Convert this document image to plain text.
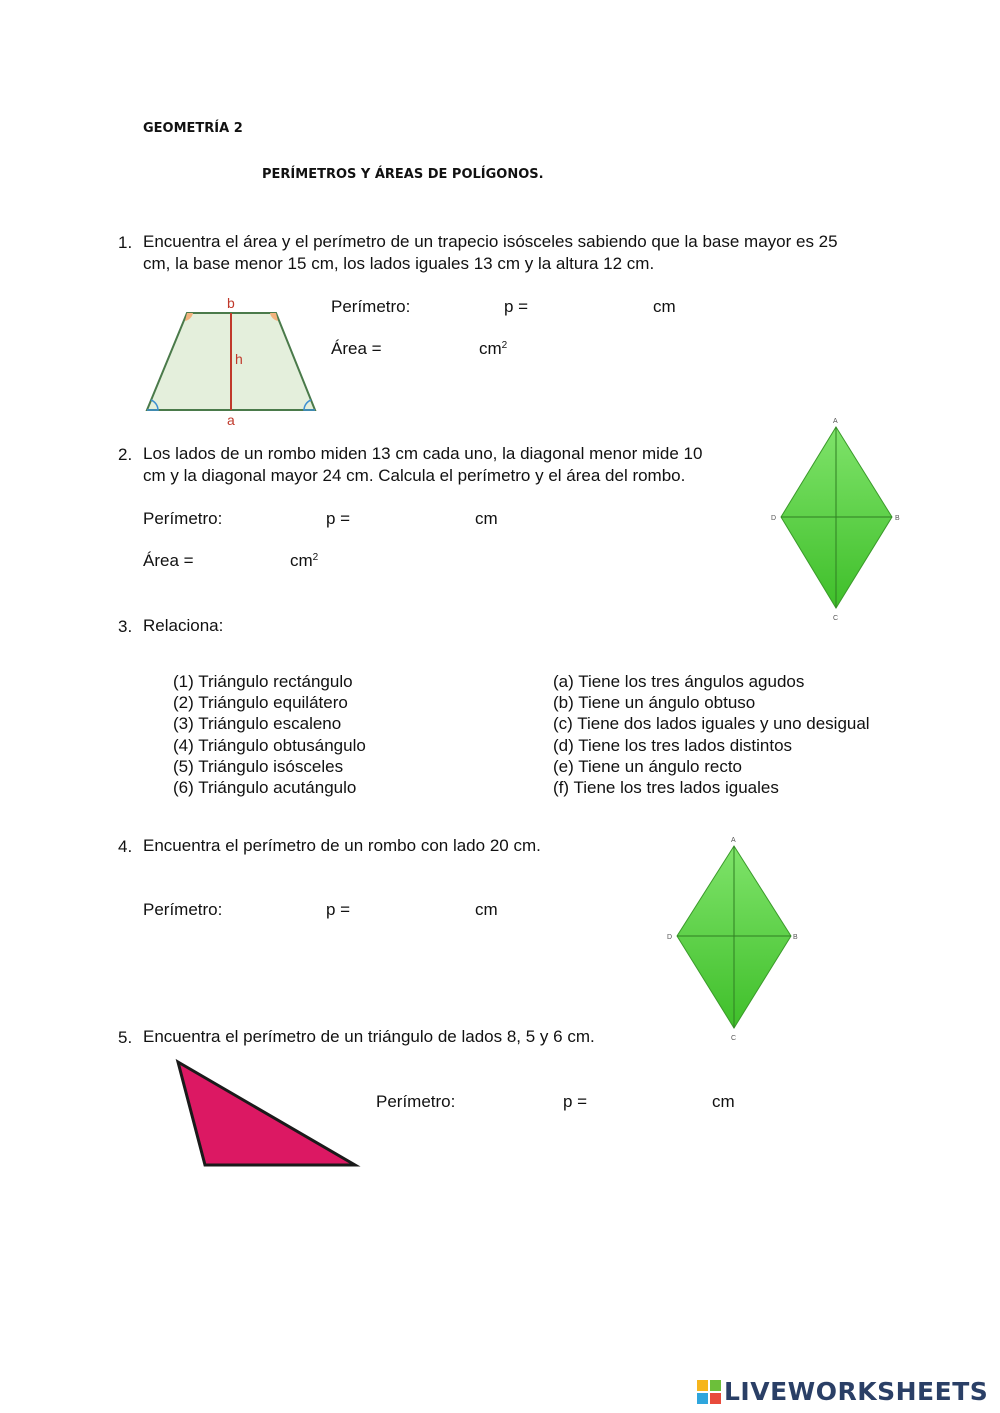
GEOMETRÍA 2
PERÍMETROS Y ÁREAS DE POLÍGONOS.
1. Encuentra el área y el perímetro de un trapecio isósceles sabiendo que la base mayor es 25
cm, la base menor 15 cm, los lados iguales 13 cm y la altura 12 cm.
b
h
a
Perímetro:	p =	cm
Área =	$cm^2$
2. Los lados de un rombo miden 13 cm cada uno, la diagonal menor mide 10
cm y la diagonal mayor 24 cm. Calcula el perímetro y el área del rombo.
Perímetro:	p =	cm
Área =	$cm^2$
A
B
C
D
3. Relaciona:
(1) Triángulo rectángulo
(2) Triángulo equilátero
(3) Triángulo escaleno
(4) Triángulo obtusángulo
(5) Triángulo isósceles
(6) Triángulo acutángulo
(a) Tiene los tres ángulos agudos
(b) Tiene un ángulo obtuso
(c) Tiene dos lados iguales y uno desigual
(d) Tiene los tres lados distintos
(e) Tiene un ángulo recto
(f) Tiene los tres lados iguales
4. Encuentra el perímetro de un rombo con lado 20 cm.
Perímetro:	p =	cm
A
B
C
D
5. Encuentra el perímetro de un triángulo de lados 8, 5 y 6 cm.
Perímetro:	p =	cm
LIVEWORKSHEETS
